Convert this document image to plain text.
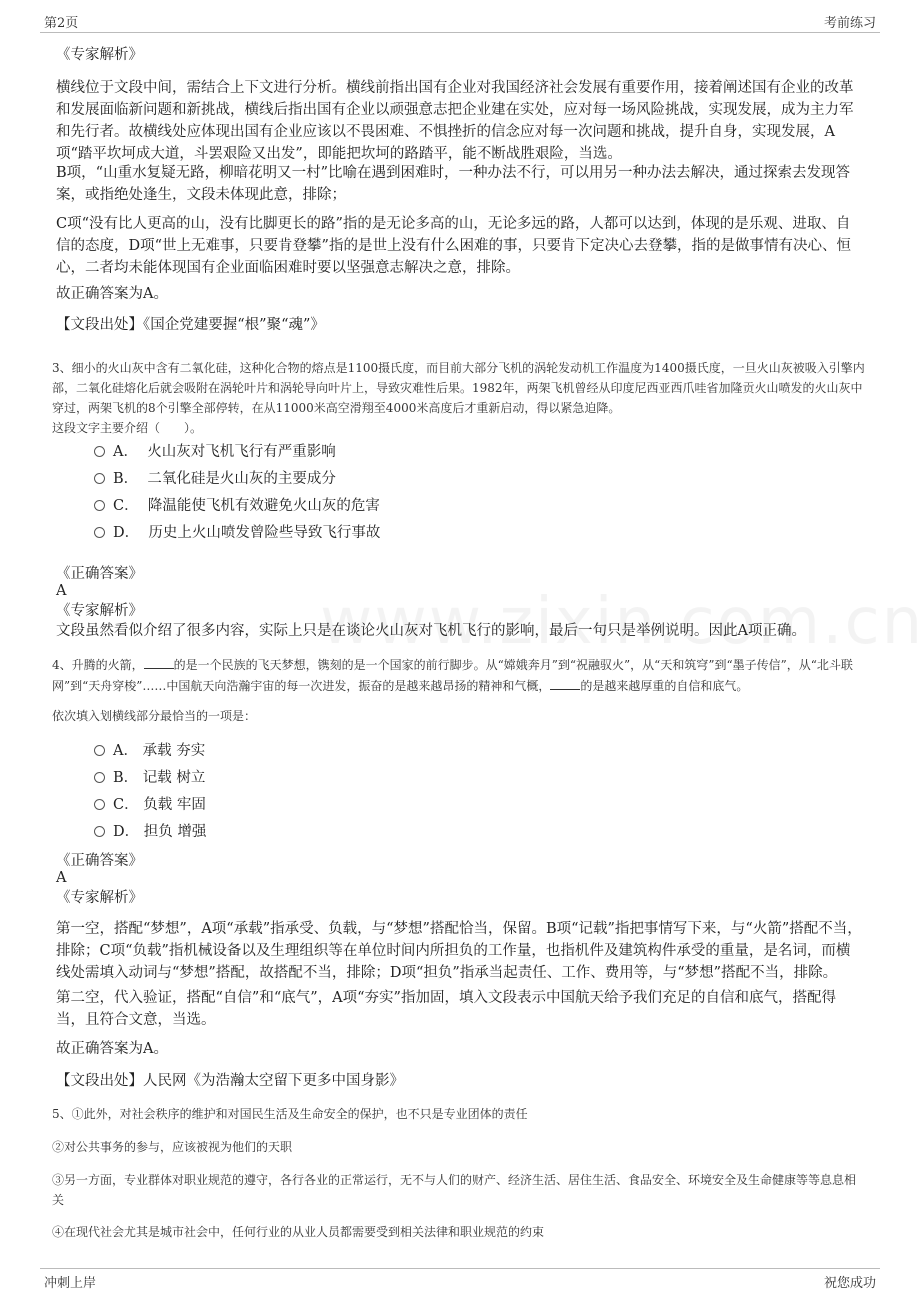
第2页	考前练习
《专家解析》

横线位于文段中间，需结合上下文进行分析。横线前指出国有企业对我国经济社会发展有重要作用，接着阐述国有企业的改革和发展面临新问题和新挑战，横线后指出国有企业以顽强意志把企业建在实处，应对每一场风险挑战，实现发展，成为主力军和先行者。故横线处应体现出国有企业应该以不畏困难、不惧挫折的信念应对每一次问题和挑战，提升自身，实现发展，A项“踏平坎坷成大道，斗罢艰险又出发”，即能把坎坷的路踏平，能不断战胜艰险，当选。

B项，“山重水复疑无路，柳暗花明又一村”比喻在遇到困难时，一种办法不行，可以用另一种办法去解决，通过探索去发现答案，或指绝处逢生，文段未体现此意，排除；

C项“没有比人更高的山，没有比脚更长的路”指的是无论多高的山，无论多远的路，人都可以达到，体现的是乐观、进取、自信的态度，D项“世上无难事，只要肯登攀”指的是世上没有什么困难的事，只要肯下定决心去登攀，指的是做事情有决心、恒心，二者均未能体现国有企业面临困难时要以坚强意志解决之意，排除。

故正确答案为A。

【文段出处】《国企党建要握“根”聚“魂”》

3、细小的火山灰中含有二氧化硅，这种化合物的熔点是1100摄氏度，而目前大部分飞机的涡轮发动机工作温度为1400摄氏度，一旦火山灰被吸入引擎内部，二氧化硅熔化后就会吸附在涡轮叶片和涡轮导向叶片上，导致灾难性后果。1982年，两架飞机曾经从印度尼西亚西爪哇省加隆贡火山喷发的火山灰中穿过，两架飞机的8个引擎全部停转，在从11000米高空滑翔至4000米高度后才重新启动，得以紧急迫降。

这段文字主要介绍（　　）。

A． 火山灰对飞机飞行有严重影响
B． 二氧化硅是火山灰的主要成分
C． 降温能使飞机有效避免火山灰的危害
D． 历史上火山喷发曾险些导致飞行事故
《正确答案》
A
《专家解析》

文段虽然看似介绍了很多内容，实际上只是在谈论火山灰对飞机飞行的影响，最后一句只是举例说明。因此A项正确。

4、升腾的火箭，	的是一个民族的飞天梦想，镌刻的是一个国家的前行脚步。从“嫦娥奔月”到“祝融驭火”，从“天和筑穹”到“墨子传信”，从“北斗联网”到“天舟穿梭”……中国航天向浩瀚宇宙的每一次进发，振奋的是越来越昂扬的精神和气概，	的是越来越厚重的自信和底气。

依次填入划横线部分最恰当的一项是：

A． 承载 夯实
B． 记载 树立
C． 负载 牢固
D． 担负 增强
《正确答案》
A
《专家解析》

第一空，搭配“梦想”，A项“承载”指承受、负载，与“梦想”搭配恰当，保留。B项“记载”指把事情写下来，与“火箭”搭配不当，排除；C项“负载”指机械设备以及生理组织等在单位时间内所担负的工作量，也指机件及建筑构件承受的重量，是名词，而横线处需填入动词与“梦想”搭配，故搭配不当，排除；D项“担负”指承当起责任、工作、费用等，与“梦想”搭配不当，排除。

第二空，代入验证，搭配“自信”和“底气”，A项“夯实”指加固，填入文段表示中国航天给予我们充足的自信和底气，搭配得当，且符合文意，当选。

故正确答案为A。

【文段出处】人民网《为浩瀚太空留下更多中国身影》

5、①此外，对社会秩序的维护和对国民生活及生命安全的保护，也不只是专业团体的责任

②对公共事务的参与，应该被视为他们的天职

③另一方面，专业群体对职业规范的遵守，各行各业的正常运行，无不与人们的财产、经济生活、居住生活、食品安全、环境安全及生命健康等等息息相关

④在现代社会尤其是城市社会中，任何行业的从业人员都需要受到相关法律和职业规范的约束

冲刺上岸	祝您成功
